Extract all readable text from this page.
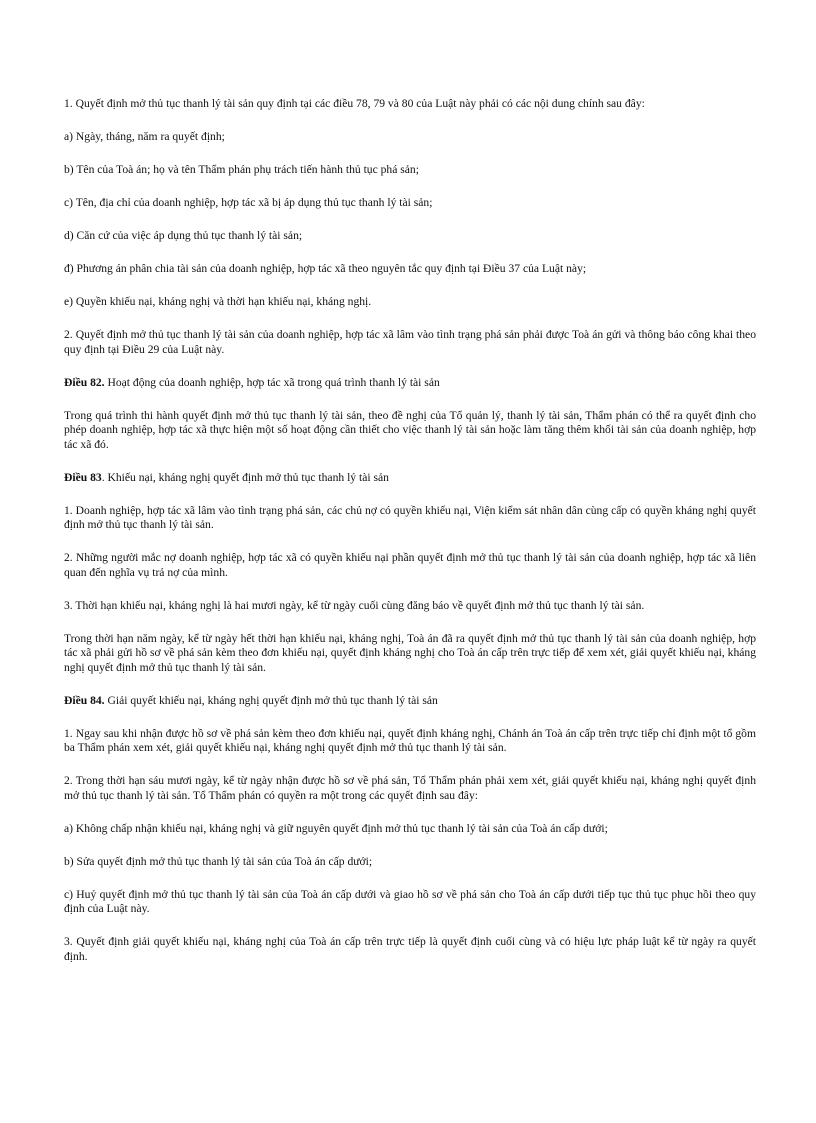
1. Quyết định mở thủ tục thanh lý tài sản quy định tại các điều 78, 79 và 80 của Luật này phải có các nội dung chính sau đây:

a) Ngày, tháng, năm ra quyết định;

b) Tên của Toà án; họ và tên Thẩm phán phụ trách tiến hành thủ tục phá sản;

c) Tên, địa chỉ của doanh nghiệp, hợp tác xã bị áp dụng thủ tục thanh lý tài sản;

d) Căn cứ của việc áp dụng thủ tục thanh lý tài sản;

đ) Phương án phân chia tài sản của doanh nghiệp, hợp tác xã theo nguyên tắc quy định tại Điều 37 của Luật này;

e) Quyền khiếu nại, kháng nghị và thời hạn khiếu nại, kháng nghị.

2. Quyết định mở thủ tục thanh lý tài sản của doanh nghiệp, hợp tác xã lâm vào tình trạng phá sản phải được Toà án gửi và thông báo công khai theo quy định tại Điều 29 của Luật này.

Điều 82. Hoạt động của doanh nghiệp, hợp tác xã trong quá trình thanh lý tài sản

Trong quá trình thi hành quyết định mở thủ tục thanh lý tài sản, theo đề nghị của Tổ quản lý, thanh lý tài sản, Thẩm phán có thể ra quyết định cho phép doanh nghiệp, hợp tác xã thực hiện một số hoạt động cần thiết cho việc thanh lý tài sản hoặc làm tăng thêm khối tài sản của doanh nghiệp, hợp tác xã đó.

Điều 83. Khiếu nại, kháng nghị quyết định mở thủ tục thanh lý tài sản

1. Doanh nghiệp, hợp tác xã lâm vào tình trạng phá sản, các chủ nợ có quyền khiếu nại, Viện kiểm sát nhân dân cùng cấp có quyền kháng nghị quyết định mở thủ tục thanh lý tài sản.

2. Những người mắc nợ doanh nghiệp, hợp tác xã có quyền khiếu nại phần quyết định mở thủ tục thanh lý tài sản của doanh nghiệp, hợp tác xã liên quan đến nghĩa vụ trả nợ của mình.

3. Thời hạn khiếu nại, kháng nghị là hai mươi ngày, kể từ ngày cuối cùng đăng báo về quyết định mở thủ tục thanh lý tài sản.

Trong thời hạn năm ngày, kể từ ngày hết thời hạn khiếu nại, kháng nghị, Toà án đã ra quyết định mở thủ tục thanh lý tài sản của doanh nghiệp, hợp tác xã phải gửi hồ sơ về phá sản kèm theo đơn khiếu nại, quyết định kháng nghị cho Toà án cấp trên trực tiếp để xem xét, giải quyết khiếu nại, kháng nghị quyết định mở thủ tục thanh lý tài sản.

Điều 84. Giải quyết khiếu nại, kháng nghị quyết định mở thủ tục thanh lý tài sản

1. Ngay sau khi nhận được hồ sơ về phá sản kèm theo đơn khiếu nại, quyết định kháng nghị, Chánh án Toà án cấp trên trực tiếp chỉ định một tổ gồm ba Thẩm phán xem xét, giải quyết khiếu nại, kháng nghị quyết định mở thủ tục thanh lý tài sản.

2. Trong thời hạn sáu mươi ngày, kể từ ngày nhận được hồ sơ về phá sản, Tổ Thẩm phán phải xem xét, giải quyết khiếu nại, kháng nghị quyết định mở thủ tục thanh lý tài sản. Tổ Thẩm phán có quyền ra một trong các quyết định sau đây:

a) Không chấp nhận khiếu nại, kháng nghị và giữ nguyên quyết định mở thủ tục thanh lý tài sản của Toà án cấp dưới;

b) Sửa quyết định mở thủ tục thanh lý tài sản của Toà án cấp dưới;

c) Huỷ quyết định mở thủ tục thanh lý tài sản của Toà án cấp dưới và giao hồ sơ về phá sản cho Toà án cấp dưới tiếp tục thủ tục phục hồi theo quy định của Luật này.

3. Quyết định giải quyết khiếu nại, kháng nghị của Toà án cấp trên trực tiếp là quyết định cuối cùng và có hiệu lực pháp luật kể từ ngày ra quyết định.
